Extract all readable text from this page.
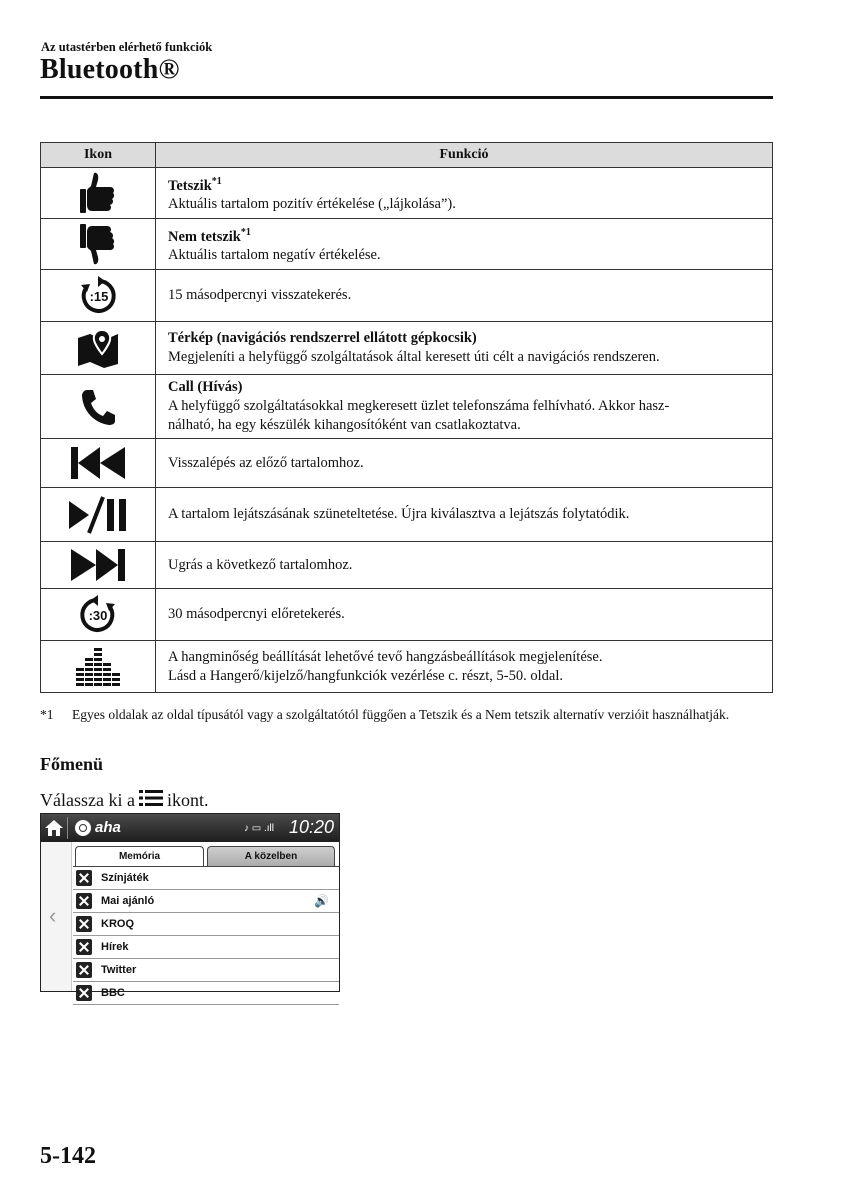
Az utastérben elérhető funkciók
Bluetooth®
Ikon	Funkció

Tetszik$^{*1}$
Aktuális tartalom pozitív értékelése („lájkolása”).

Nem tetszik$^{*1}$
Aktuális tartalom negatív értékelése.

:15	15 másodpercnyi visszatekerés.

Térkép (navigációs rendszerrel ellátott gépkocsik)
Megjeleníti a helyfüggő szolgáltatások által keresett úti célt a navigációs rendszeren.

Call (Hívás)
A helyfüggő szolgáltatásokkal megkeresett üzlet telefonszáma felhívható. Akkor hasz-
nálható, ha egy készülék kihangosítóként van csatlakoztatva.

Visszalépés az előző tartalomhoz.

A tartalom lejátszásának szüneteltetése. Újra kiválasztva a lejátszás folytatódik.

Ugrás a következő tartalomhoz.

:30	30 másodpercnyi előretekerés.

A hangminőség beállítását lehetővé tevő hangzásbeállítások megjelenítése.
Lásd a Hangerő/kijelző/hangfunkciók vezérlése c. részt, 5-50. oldal.
*1 Egyes oldalak az oldal típusától vagy a szolgáltatótól függően a Tetszik és a Nem tetszik alternatív verzióit használhatják.
Főmenü
Válassza ki a ikont.
aha	♪ ▭ .ıll 10:20
‹
Memória	A közelben
Színjáték
Mai ajánló	🔊
KROQ
Hírek
Twitter
BBC
5-142
